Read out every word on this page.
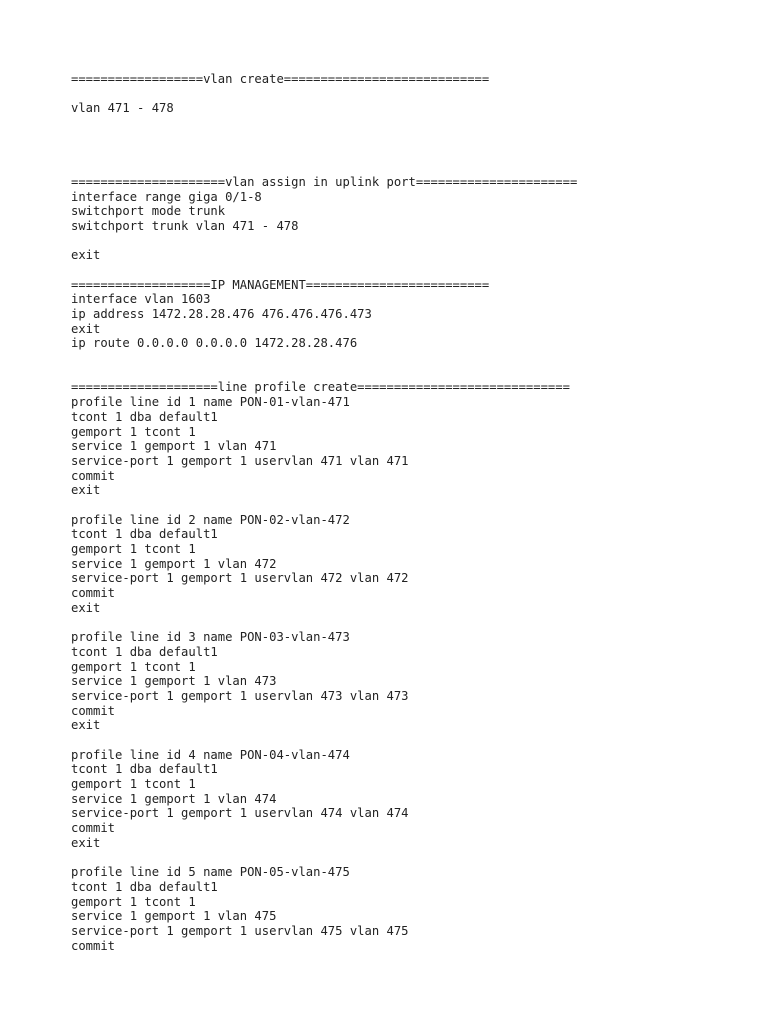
==================vlan create============================
vlan 471 - 478
=====================vlan assign in uplink port======================
interface range giga 0/1-8
switchport mode trunk
switchport trunk vlan 471 - 478
exit
===================IP MANAGEMENT=========================
interface vlan 1603
ip address 1472.28.28.476 476.476.476.473
exit
ip route 0.0.0.0 0.0.0.0 1472.28.28.476
====================line profile create=============================
profile line id 1 name PON-01-vlan-471
tcont 1 dba default1
gemport 1 tcont 1
service 1 gemport 1 vlan 471
service-port 1 gemport 1 uservlan 471 vlan 471
commit
exit
profile line id 2 name PON-02-vlan-472
tcont 1 dba default1
gemport 1 tcont 1
service 1 gemport 1 vlan 472
service-port 1 gemport 1 uservlan 472 vlan 472
commit
exit
profile line id 3 name PON-03-vlan-473
tcont 1 dba default1
gemport 1 tcont 1
service 1 gemport 1 vlan 473
service-port 1 gemport 1 uservlan 473 vlan 473
commit
exit
profile line id 4 name PON-04-vlan-474
tcont 1 dba default1
gemport 1 tcont 1
service 1 gemport 1 vlan 474
service-port 1 gemport 1 uservlan 474 vlan 474
commit
exit
profile line id 5 name PON-05-vlan-475
tcont 1 dba default1
gemport 1 tcont 1
service 1 gemport 1 vlan 475
service-port 1 gemport 1 uservlan 475 vlan 475
commit
